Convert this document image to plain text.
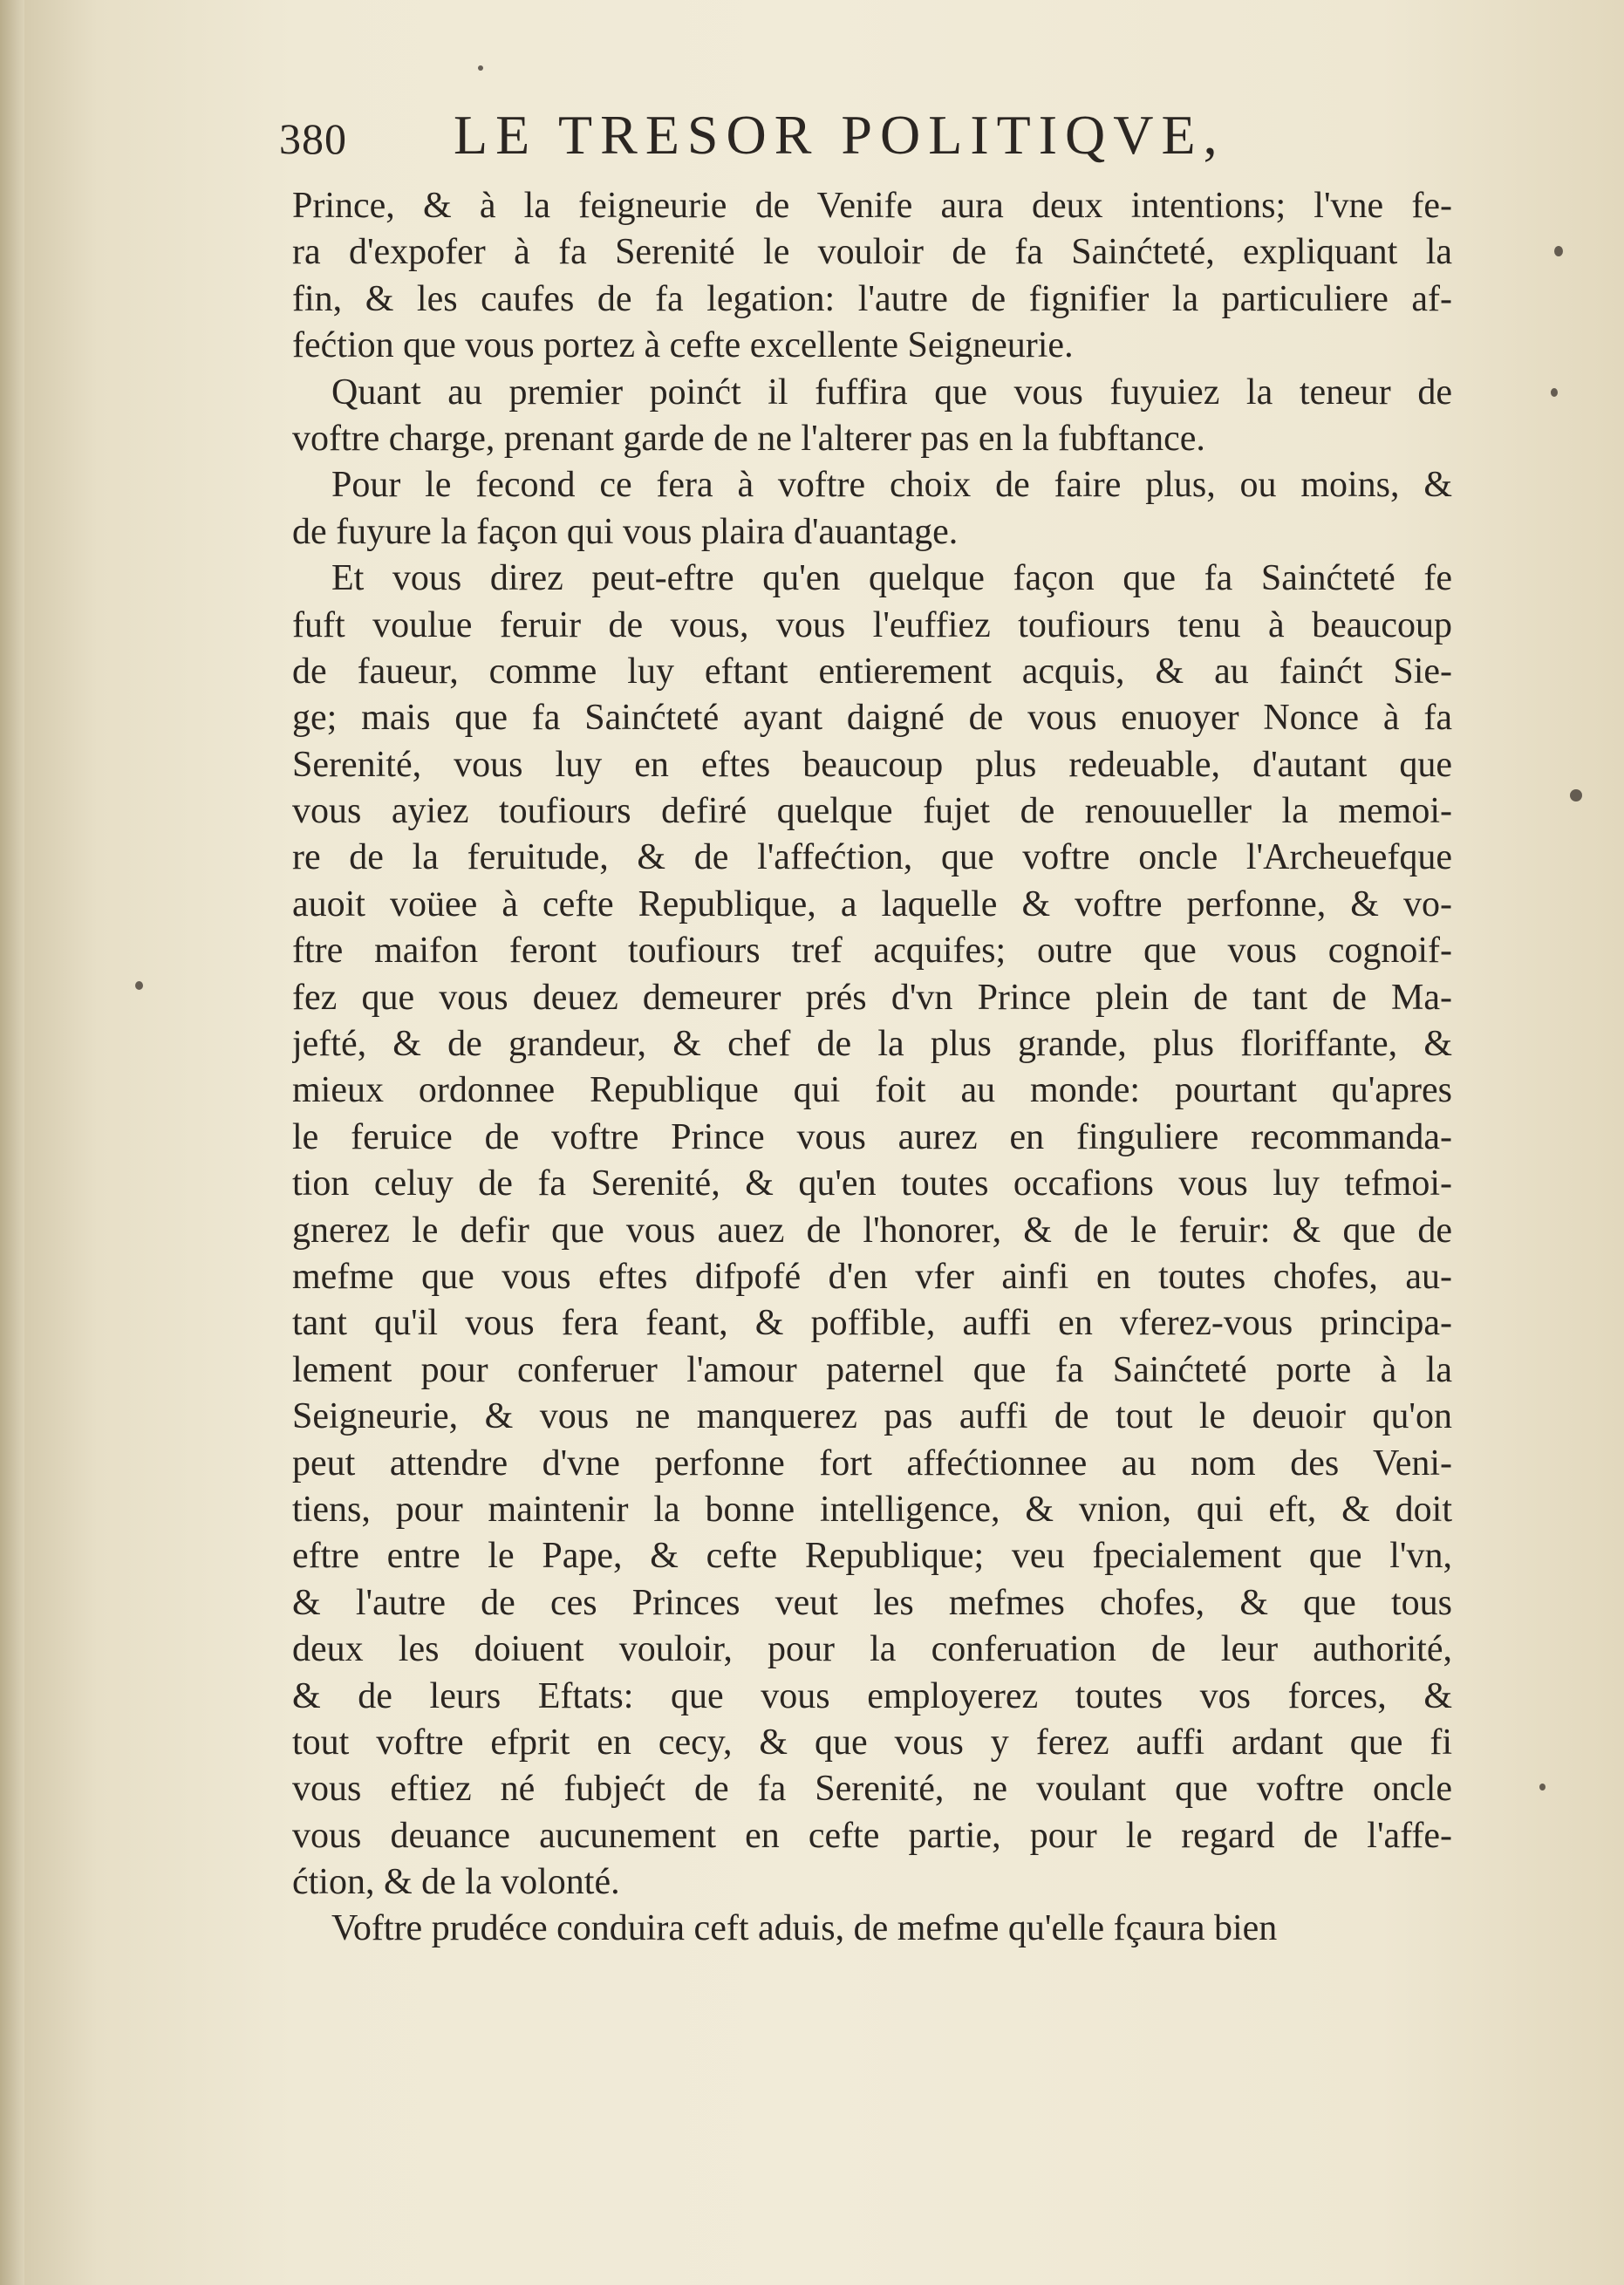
380 LE TRESOR POLITIQVE,
Prince, & à la feigneurie de Venife aura deux intentions; l'vne fe-
ra d'expofer à fa Serenité le vouloir de fa Sainćteté, expliquant la
fin, & les caufes de fa legation: l'autre de fignifier la particuliere af-
fećtion que vous portez à cefte excellente Seigneurie.
Quant au premier poinćt il fuffira que vous fuyuiez la teneur de
voftre charge, prenant garde de ne l'alterer pas en la fubftance.
Pour le fecond ce fera à voftre choix de faire plus, ou moins, &
de fuyure la façon qui vous plaira d'auantage.
Et vous direz peut-eftre qu'en quelque façon que fa Sainćteté fe
fuft voulue feruir de vous, vous l'euffiez toufiours tenu à beaucoup
de faueur, comme luy eftant entierement acquis, & au fainćt Sie-
ge; mais que fa Sainćteté ayant daigné de vous enuoyer Nonce à fa
Serenité, vous luy en eftes beaucoup plus redeuable, d'autant que
vous ayiez toufiours defiré quelque fujet de renouueller la memoi-
re de la feruitude, & de l'affećtion, que voftre oncle l'Archeuefque
auoit voüee à cefte Republique, a laquelle & voftre perfonne, & vo-
ftre maifon feront toufiours tref acquifes; outre que vous cognoif-
fez que vous deuez demeurer prés d'vn Prince plein de tant de Ma-
jefté, & de grandeur, & chef de la plus grande, plus floriffante, &
mieux ordonnee Republique qui foit au monde: pourtant qu'apres
le feruice de voftre Prince vous aurez en finguliere recommanda-
tion celuy de fa Serenité, & qu'en toutes occafions vous luy tefmoi-
gnerez le defir que vous auez de l'honorer, & de le feruir: & que de
mefme que vous eftes difpofé d'en vfer ainfi en toutes chofes, au-
tant qu'il vous fera feant, & poffible, auffi en vferez-vous principa-
lement pour conferuer l'amour paternel que fa Sainćteté porte à la
Seigneurie, & vous ne manquerez pas auffi de tout le deuoir qu'on
peut attendre d'vne perfonne fort affećtionnee au nom des Veni-
tiens, pour maintenir la bonne intelligence, & vnion, qui eft, & doit
eftre entre le Pape, & cefte Republique; veu fpecialement que l'vn,
& l'autre de ces Princes veut les mefmes chofes, & que tous
deux les doiuent vouloir, pour la conferuation de leur authorité,
& de leurs Eftats: que vous employerez toutes vos forces, &
tout voftre efprit en cecy, & que vous y ferez auffi ardant que fi
vous eftiez né fubjećt de fa Serenité, ne voulant que voftre oncle
vous deuance aucunement en cefte partie, pour le regard de l'affe-
ćtion, & de la volonté.
Voftre prudéce conduira ceft aduis, de mefme qu'elle fçaura bien
